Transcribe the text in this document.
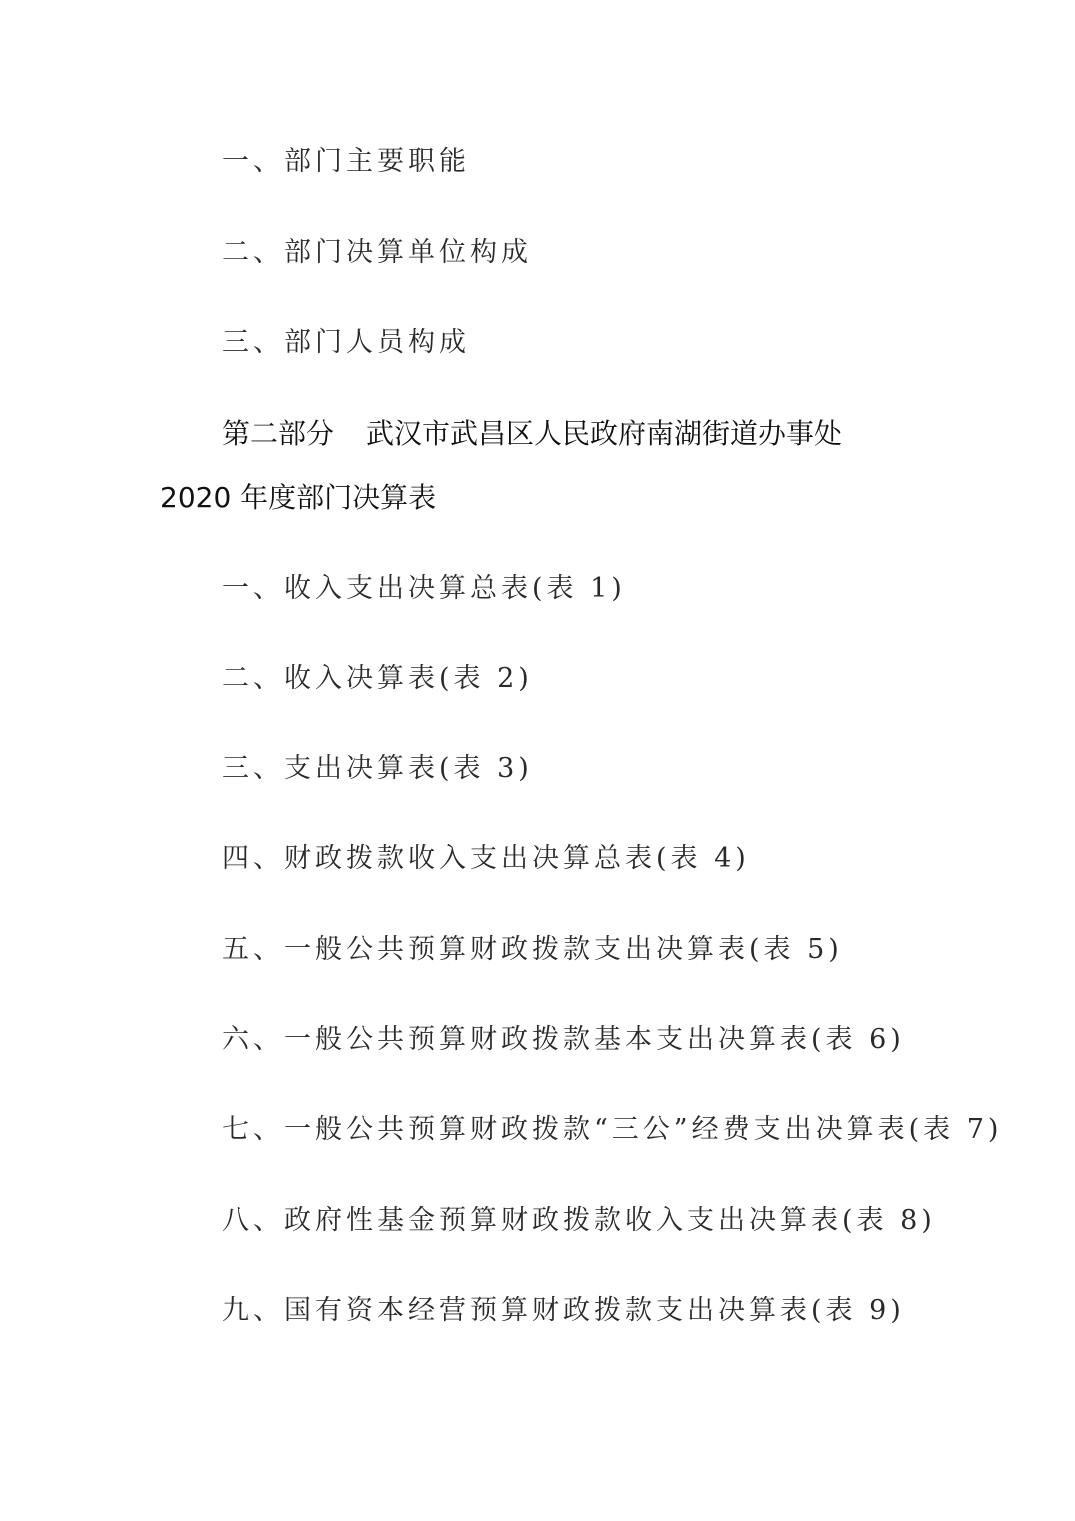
一、部门主要职能
二、部门决算单位构成
三、部门人员构成
第二部分 武汉市武昌区人民政府南湖街道办事处
2020 年度部门决算表
一、收入支出决算总表(表 1)
二、收入决算表(表 2)
三、支出决算表(表 3)
四、财政拨款收入支出决算总表(表 4)
五、一般公共预算财政拨款支出决算表(表 5)
六、一般公共预算财政拨款基本支出决算表(表 6)
七、一般公共预算财政拨款“三公”经费支出决算表(表 7)
八、政府性基金预算财政拨款收入支出决算表(表 8)
九、国有资本经营预算财政拨款支出决算表(表 9)
